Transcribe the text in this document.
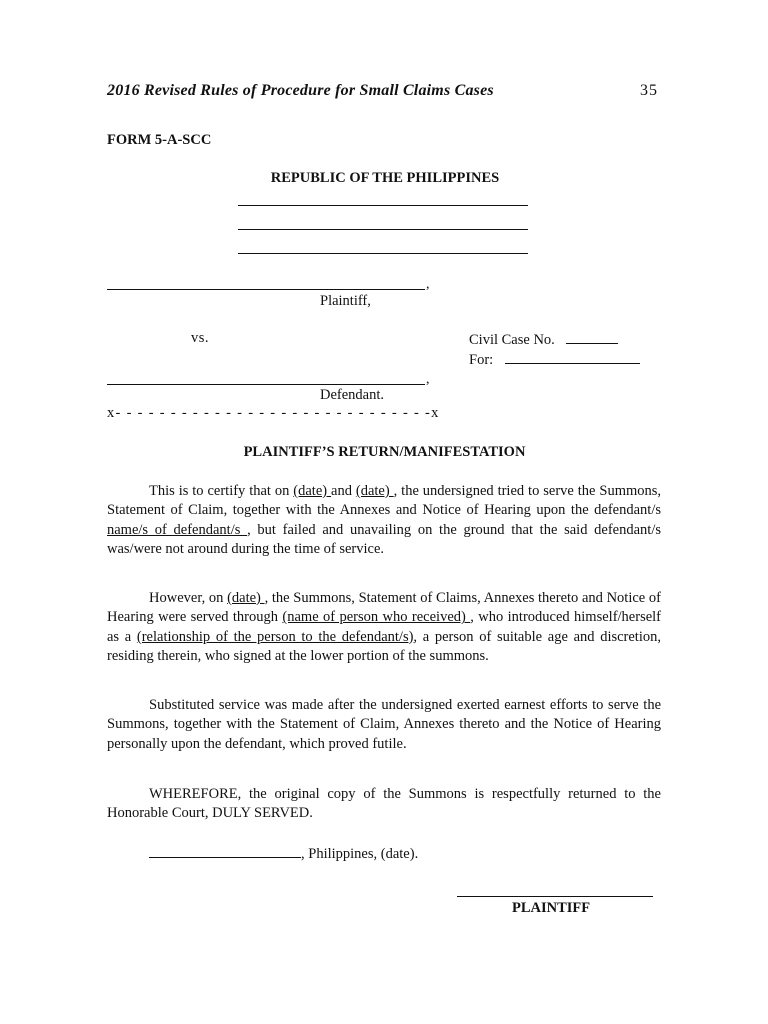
2016 Revised Rules of Procedure for Small Claims Cases	35
FORM 5-A-SCC
REPUBLIC OF THE PHILIPPINES
,
Plaintiff,
vs.	Civil Case No.
For:
,
Defendant.
x- - - - - - - - - - - - - - - - - - - - - - - - - - - - -x
PLAINTIFF’S RETURN/MANIFESTATION

This is to certify that on (date) and (date) , the undersigned tried to serve the Summons, Statement of Claim, together with the Annexes and Notice of Hearing upon the defendant/s name/s of defendant/s , but failed and unavailing on the ground that the said defendant/s was/were not around during the time of service.

However, on (date) , the Summons, Statement of Claims, Annexes thereto and Notice of Hearing were served through (name of person who received) , who introduced himself/herself as a (relationship of the person to the defendant/s), a person of suitable age and discretion, residing therein, who signed at the lower portion of the summons.

Substituted service was made after the undersigned exerted earnest efforts to serve the Summons, together with the Statement of Claim, Annexes thereto and the Notice of Hearing personally upon the defendant, which proved futile.

WHEREFORE, the original copy of the Summons is respectfully returned to the Honorable Court, DULY SERVED.

, Philippines, (date).
PLAINTIFF
